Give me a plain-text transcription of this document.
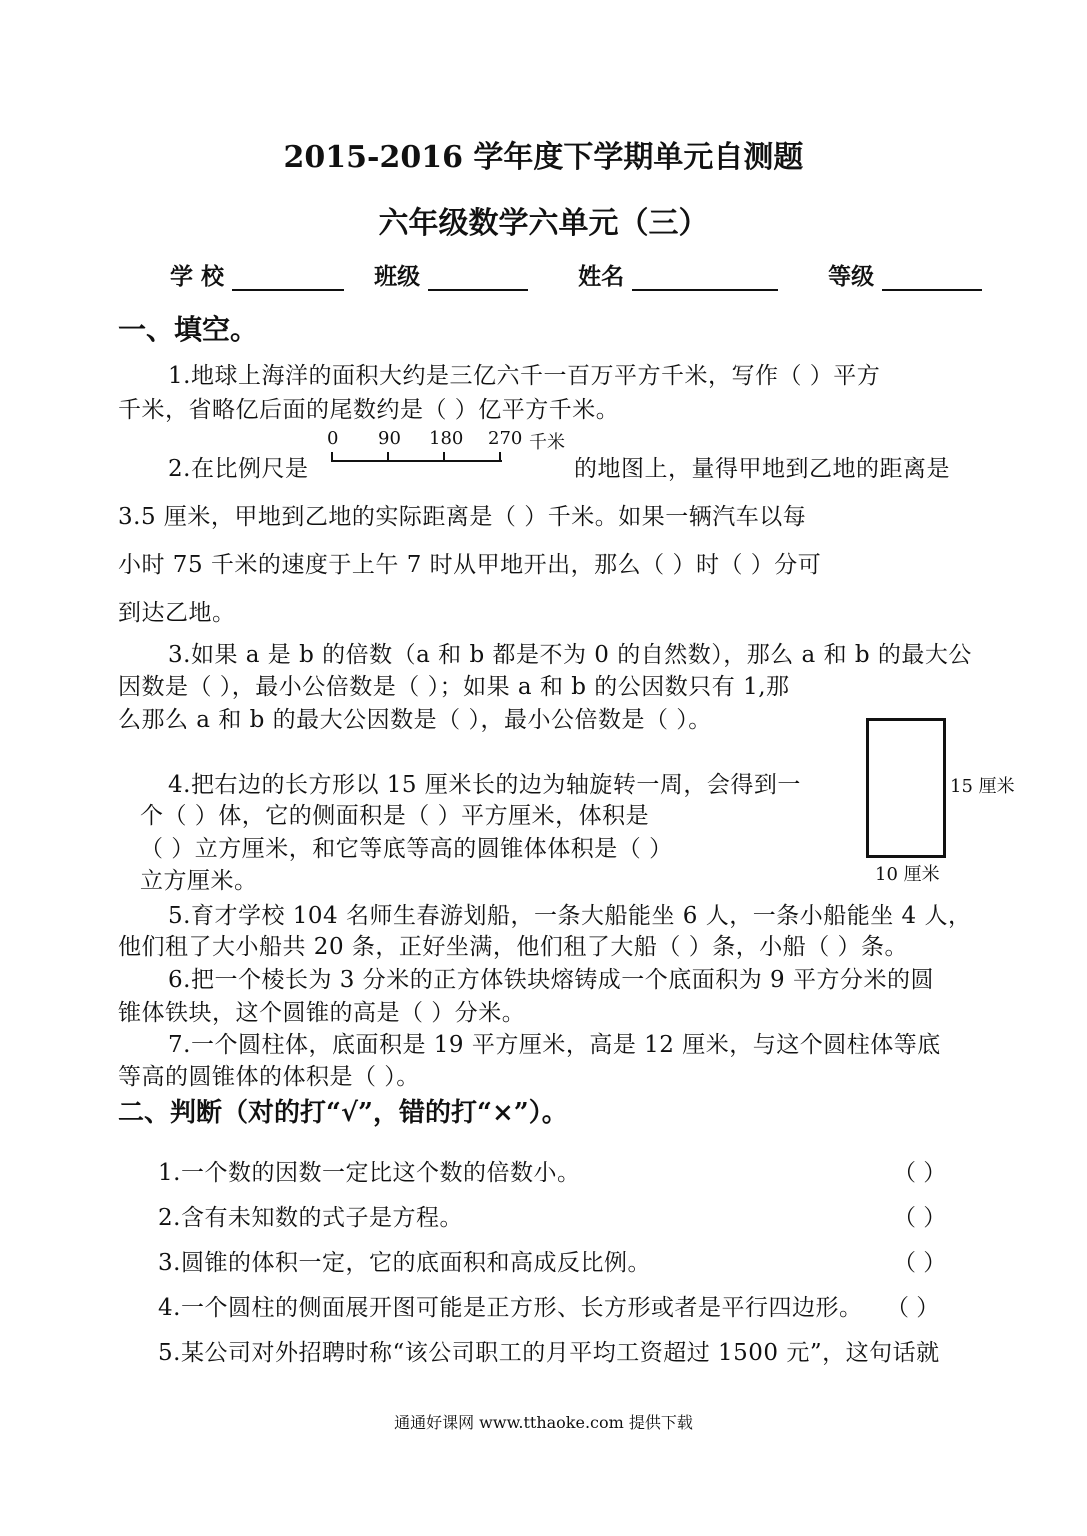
2015-2016 学年度下学期单元自测题
六年级数学六单元（三）
学 校	班级	姓名	等级
一、填空。
1.地球上海洋的面积大约是三亿六千一百万平方千米，写作（ ）平方
千米，省略亿后面的尾数约是（ ）亿平方千米。
2.在比例尺是
0 90 180 270 千米
的地图上，量得甲地到乙地的距离是
3.5 厘米，甲地到乙地的实际距离是（ ）千米。如果一辆汽车以每
小时 75 千米的速度于上午 7 时从甲地开出，那么（ ）时（ ）分可
到达乙地。
3.如果 a 是 b 的倍数（a 和 b 都是不为 0 的自然数），那么 a 和 b 的最大公
因数是（ ），最小公倍数是（ ）；如果 a 和 b 的公因数只有 1,那
么那么 a 和 b 的最大公因数是（ ），最小公倍数是（ ）。
4.把右边的长方形以 15 厘米长的边为轴旋转一周，会得到一
个（ ）体，它的侧面积是（ ）平方厘米，体积是
（ ）立方厘米，和它等底等高的圆锥体体积是（ ）
立方厘米。
15 厘米
10 厘米
5.育才学校 104 名师生春游划船，一条大船能坐 6 人，一条小船能坐 4 人，
他们租了大小船共 20 条，正好坐满，他们租了大船（ ）条，小船（ ）条。
6.把一个棱长为 3 分米的正方体铁块熔铸成一个底面积为 9 平方分米的圆
锥体铁块，这个圆锥的高是（ ）分米。
7.一个圆柱体，底面积是 19 平方厘米，高是 12 厘米，与这个圆柱体等底
等高的圆锥体的体积是（ ）。
二、判断（对的打“√”，错的打“×”）。
1.一个数的因数一定比这个数的倍数小。	（ ）
2.含有未知数的式子是方程。	（ ）
3.圆锥的体积一定，它的底面积和高成反比例。	（ ）
4.一个圆柱的侧面展开图可能是正方形、长方形或者是平行四边形。 （ ）
5.某公司对外招聘时称“该公司职工的月平均工资超过 1500 元”，这句话就
通通好课网 www.tthaoke.com 提供下载
